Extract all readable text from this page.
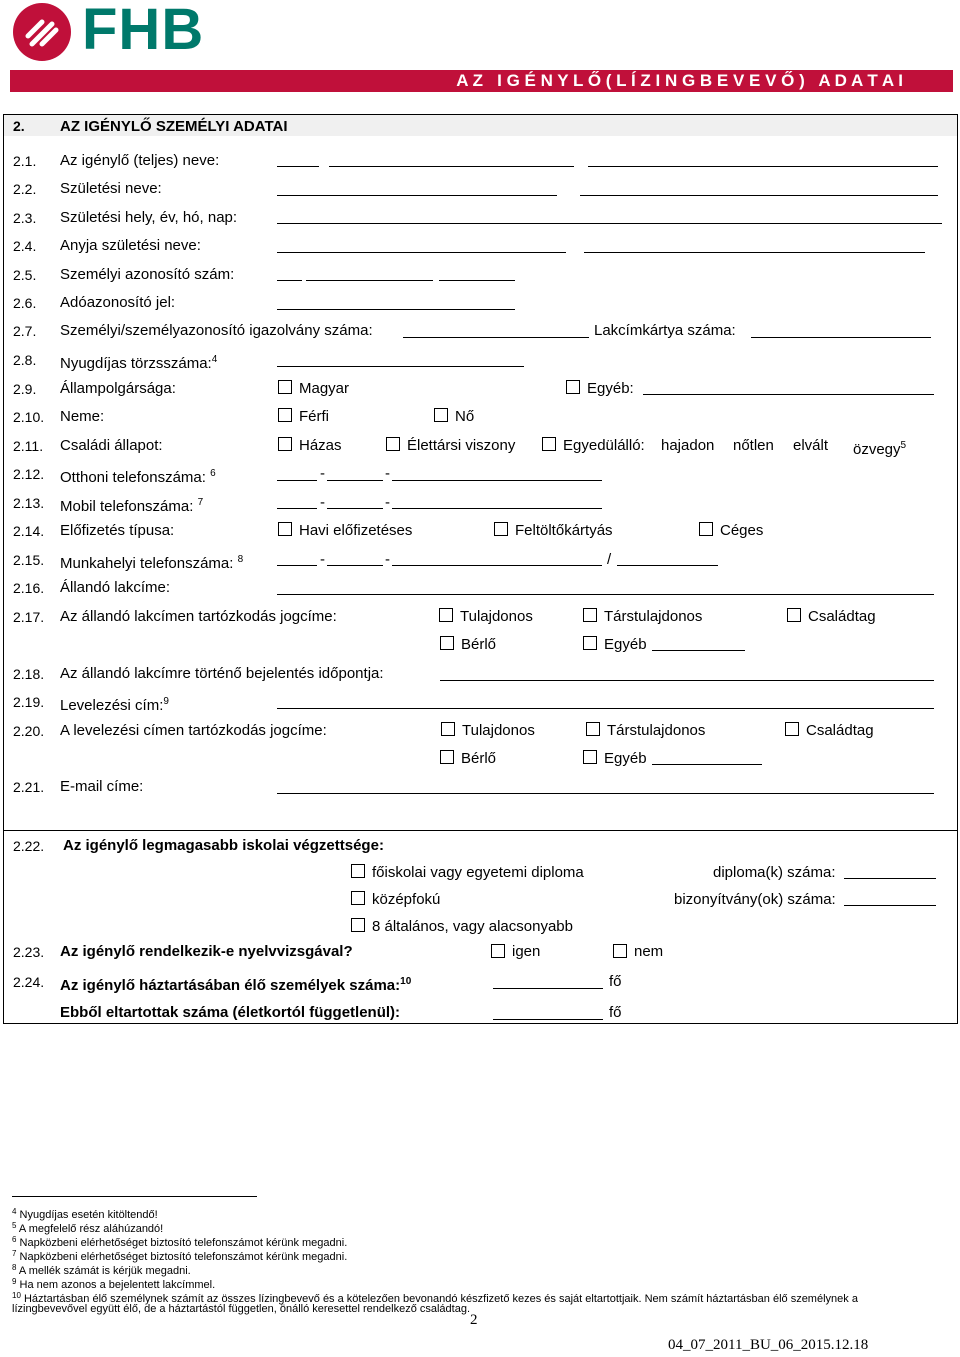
FHB
A Z   I G É N Y L Ő ( L Í Z I N G B E V E V Ő )   A D A T A I
2. AZ IGÉNYLŐ SZEMÉLYI ADATAI
2.1. Az igénylő (teljes) neve:
2.2. Születési neve:
2.3. Születési hely, év, hó, nap:
2.4. Anyja születési neve:
2.5. Személyi azonosító szám:
2.6. Adóazonosító jel:
2.7. Személyi/személyazonosító igazolvány száma:	Lakcímkártya száma:
2.8. Nyugdíjas törzsszáma:$^4$
2.9. Állampolgársága:	Magyar	Egyéb:
2.10. Neme:	Férfi	Nő
2.11. Családi állapot:	Házas	Élettársi viszony	Egyedülálló: hajadon nőtlen elvált özvegy$^5$
2.12. Otthoni telefonszáma: $^6$	-	-
2.13. Mobil telefonszáma: $^7$	-	-
2.14. Előfizetés típusa:	Havi előfizetéses	Feltöltőkártyás	Céges
2.15. Munkahelyi telefonszáma: $^8$	-	-	/
2.16. Állandó lakcíme:
2.17. Az állandó lakcímen tartózkodás jogcíme:	Tulajdonos	Társtulajdonos	Családtag
Bérlő	Egyéb
2.18. Az állandó lakcímre történő bejelentés időpontja:
2.19. Levelezési cím:$^9$
2.20. A levelezési címen tartózkodás jogcíme:	Tulajdonos	Társtulajdonos	Családtag
Bérlő	Egyéb
2.21. E-mail címe:
2.22. Az igénylő legmagasabb iskolai végzettsége:
főiskolai vagy egyetemi diploma	diploma(k) száma:
középfokú	bizonyítvány(ok) száma:
8 általános, vagy alacsonyabb
2.23. Az igénylő rendelkezik-e nyelvvizsgával?	igen	nem
2.24. Az igénylő háztartásában élő személyek száma:$^{10}$	fő
Ebből eltartottak száma (életkortól függetlenül):	fő
$^4$ Nyugdíjas esetén kitöltendő!
$^5$ A megfelelő rész aláhúzandó!
$^6$ Napközbeni elérhetőséget biztosító telefonszámot kérünk megadni.
$^7$ Napközbeni elérhetőséget biztosító telefonszámot kérünk megadni.
$^8$ A mellék számát is kérjük megadni.
$^9$ Ha nem azonos a bejelentett lakcímmel.
$^{10}$ Háztartásban élő személynek számít az összes lízingbevevő és a kötelezően bevonandó készfizető kezes és saját eltartottjaik. Nem számít háztartásban élő személynek a
lízingbevevővel együtt élő, de a háztartástól független, önálló keresettel rendelkező családtag.
2
04_07_2011_BU_06_2015.12.18
